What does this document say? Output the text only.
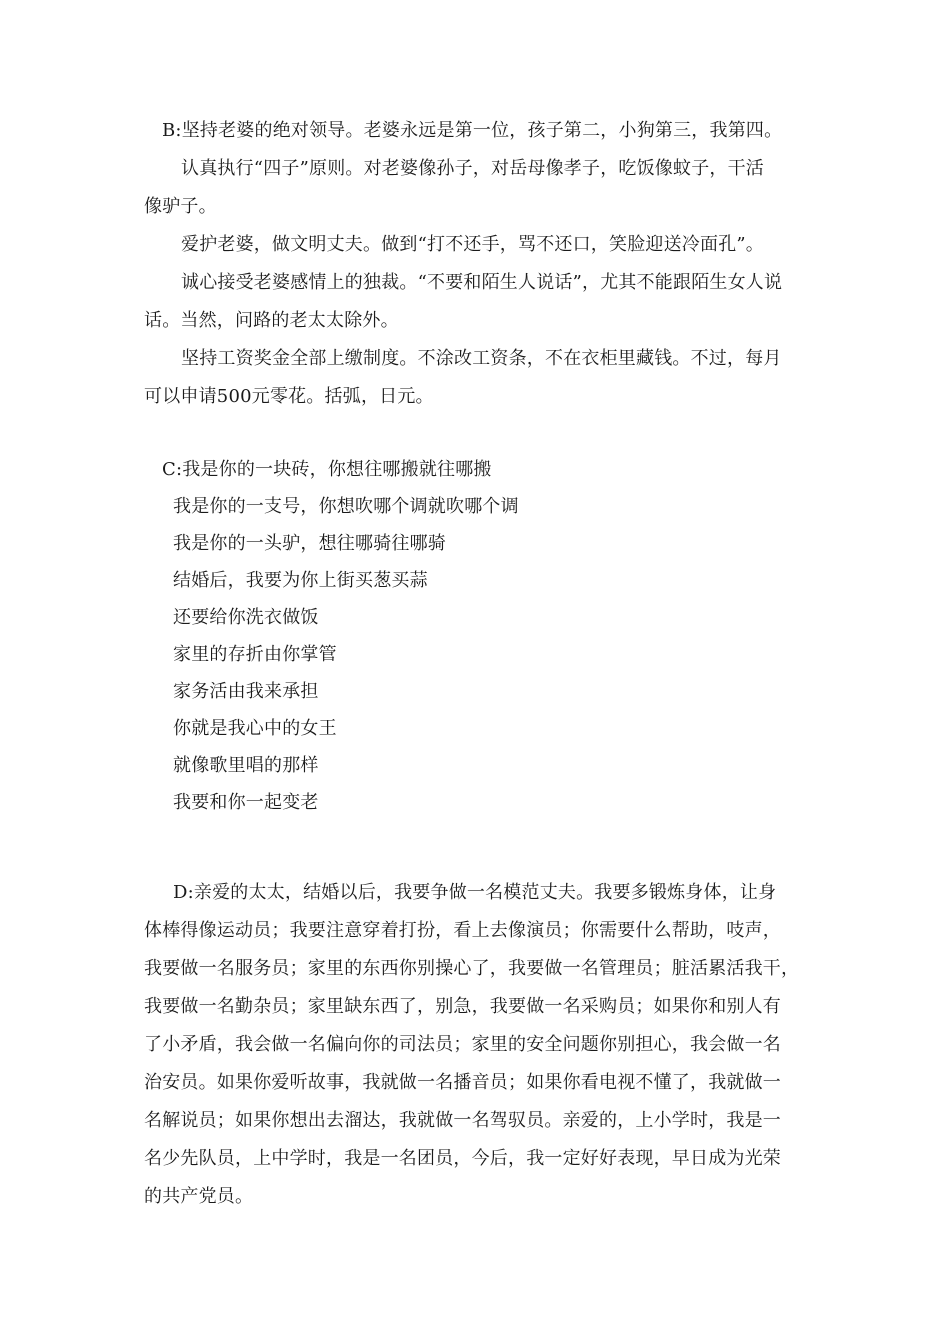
B:坚持老婆的绝对领导。老婆永远是第一位，孩子第二，小狗第三，我第四。
认真执行“四子”原则。对老婆像孙子，对岳母像孝子，吃饭像蚊子，干活
像驴子。
爱护老婆，做文明丈夫。做到“打不还手，骂不还口，笑脸迎送冷面孔”。
诚心接受老婆感情上的独裁。“不要和陌生人说话”，尤其不能跟陌生女人说
话。当然，问路的老太太除外。
坚持工资奖金全部上缴制度。不涂改工资条，不在衣柜里藏钱。不过，每月
可以申请500元零花。括弧，日元。
C:我是你的一块砖，你想往哪搬就往哪搬
我是你的一支号，你想吹哪个调就吹哪个调
我是你的一头驴，想往哪骑往哪骑
结婚后，我要为你上街买葱买蒜
还要给你洗衣做饭
家里的存折由你掌管
家务活由我来承担
你就是我心中的女王
就像歌里唱的那样
我要和你一起变老
D:亲爱的太太，结婚以后，我要争做一名模范丈夫。我要多锻炼身体，让身
体棒得像运动员；我要注意穿着打扮，看上去像演员；你需要什么帮助，吱声，
我要做一名服务员；家里的东西你别操心了，我要做一名管理员；脏活累活我干，
我要做一名勤杂员；家里缺东西了，别急，我要做一名采购员；如果你和别人有
了小矛盾，我会做一名偏向你的司法员；家里的安全问题你别担心，我会做一名
治安员。如果你爱听故事，我就做一名播音员；如果你看电视不懂了，我就做一
名解说员；如果你想出去溜达，我就做一名驾驭员。亲爱的，上小学时，我是一
名少先队员，上中学时，我是一名团员，今后，我一定好好表现，早日成为光荣
的共产党员。
